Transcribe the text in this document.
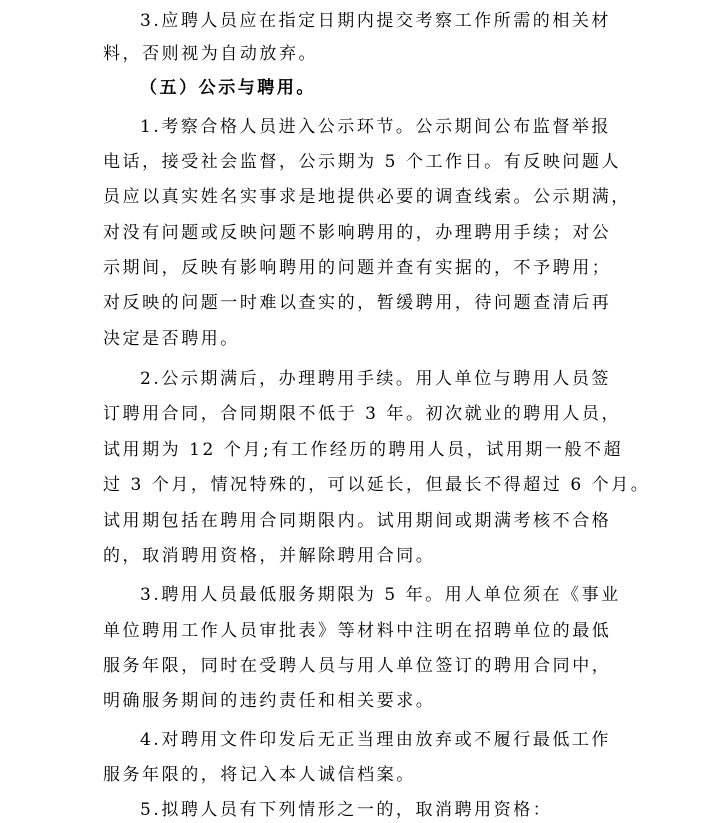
3.应聘人员应在指定日期内提交考察工作所需的相关材
料，否则视为自动放弃。
（五）公示与聘用。
1.考察合格人员进入公示环节。公示期间公布监督举报
电话，接受社会监督，公示期为 5 个工作日。有反映问题人
员应以真实姓名实事求是地提供必要的调查线索。公示期满，
对没有问题或反映问题不影响聘用的，办理聘用手续；对公
示期间，反映有影响聘用的问题并查有实据的，不予聘用；
对反映的问题一时难以查实的，暂缓聘用，待问题查清后再
决定是否聘用。
2.公示期满后，办理聘用手续。用人单位与聘用人员签
订聘用合同，合同期限不低于 3 年。初次就业的聘用人员，
试用期为 12 个月;有工作经历的聘用人员，试用期一般不超
过 3 个月，情况特殊的，可以延长，但最长不得超过 6 个月。
试用期包括在聘用合同期限内。试用期间或期满考核不合格
的，取消聘用资格，并解除聘用合同。
3.聘用人员最低服务期限为 5 年。用人单位须在《事业
单位聘用工作人员审批表》等材料中注明在招聘单位的最低
服务年限，同时在受聘人员与用人单位签订的聘用合同中，
明确服务期间的违约责任和相关要求。
4.对聘用文件印发后无正当理由放弃或不履行最低工作
服务年限的，将记入本人诚信档案。
5.拟聘人员有下列情形之一的，取消聘用资格：
